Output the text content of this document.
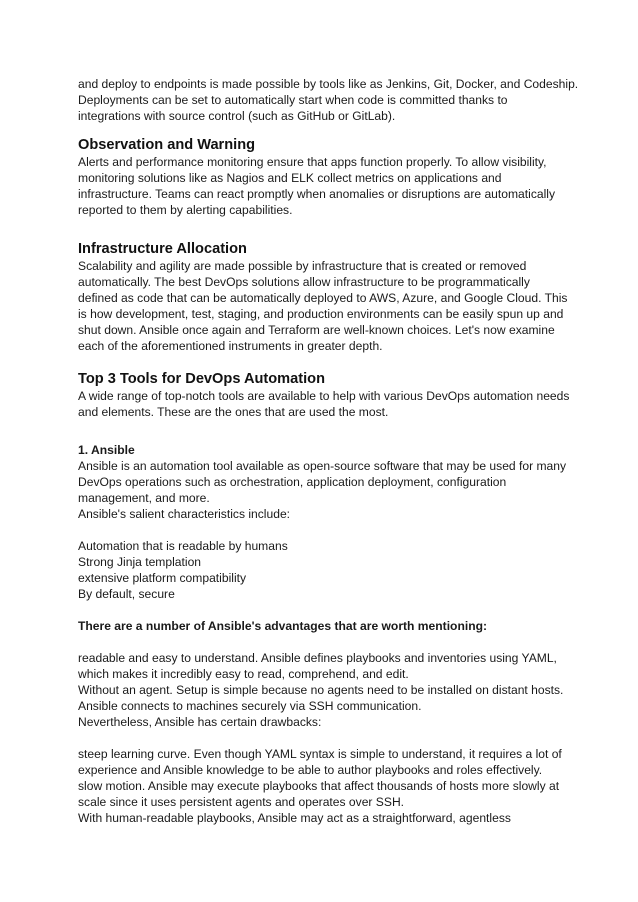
and deploy to endpoints is made possible by tools like as Jenkins, Git, Docker, and Codeship.
Deployments can be set to automatically start when code is committed thanks to
integrations with source control (such as GitHub or GitLab).

Observation and Warning

Alerts and performance monitoring ensure that apps function properly. To allow visibility,
monitoring solutions like as Nagios and ELK collect metrics on applications and
infrastructure. Teams can react promptly when anomalies or disruptions are automatically
reported to them by alerting capabilities.

Infrastructure Allocation

Scalability and agility are made possible by infrastructure that is created or removed
automatically. The best DevOps solutions allow infrastructure to be programmatically
defined as code that can be automatically deployed to AWS, Azure, and Google Cloud. This
is how development, test, staging, and production environments can be easily spun up and
shut down. Ansible once again and Terraform are well-known choices. Let's now examine
each of the aforementioned instruments in greater depth.

Top 3 Tools for DevOps Automation

A wide range of top-notch tools are available to help with various DevOps automation needs
and elements. These are the ones that are used the most.

1. Ansible

Ansible is an automation tool available as open-source software that may be used for many
DevOps operations such as orchestration, application deployment, configuration
management, and more.
Ansible's salient characteristics include:

Automation that is readable by humans
Strong Jinja templation
extensive platform compatibility
By default, secure

There are a number of Ansible's advantages that are worth mentioning:

readable and easy to understand. Ansible defines playbooks and inventories using YAML,
which makes it incredibly easy to read, comprehend, and edit.
Without an agent. Setup is simple because no agents need to be installed on distant hosts.
Ansible connects to machines securely via SSH communication.
Nevertheless, Ansible has certain drawbacks:

steep learning curve. Even though YAML syntax is simple to understand, it requires a lot of
experience and Ansible knowledge to be able to author playbooks and roles effectively.
slow motion. Ansible may execute playbooks that affect thousands of hosts more slowly at
scale since it uses persistent agents and operates over SSH.
With human-readable playbooks, Ansible may act as a straightforward, agentless
